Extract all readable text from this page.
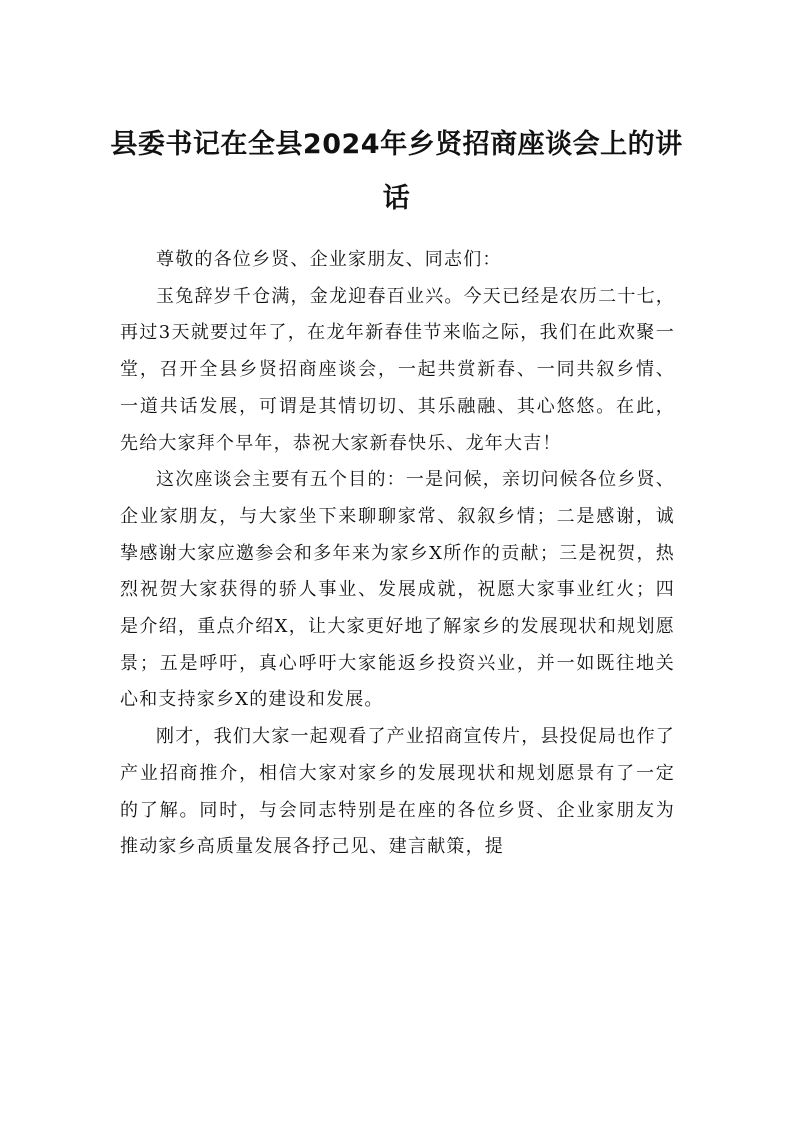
县委书记在全县2024年乡贤招商座谈会上的讲话

尊敬的各位乡贤、企业家朋友、同志们：

玉兔辞岁千仓满，金龙迎春百业兴。今天已经是农历二十七，再过3天就要过年了，在龙年新春佳节来临之际，我们在此欢聚一堂，召开全县乡贤招商座谈会，一起共赏新春、一同共叙乡情、一道共话发展，可谓是其情切切、其乐融融、其心悠悠。在此，先给大家拜个早年，恭祝大家新春快乐、龙年大吉！

这次座谈会主要有五个目的：一是问候，亲切问候各位乡贤、企业家朋友，与大家坐下来聊聊家常、叙叙乡情；二是感谢，诚挚感谢大家应邀参会和多年来为家乡X所作的贡献；三是祝贺，热烈祝贺大家获得的骄人事业、发展成就，祝愿大家事业红火；四是介绍，重点介绍X，让大家更好地了解家乡的发展现状和规划愿景；五是呼吁，真心呼吁大家能返乡投资兴业，并一如既往地关心和支持家乡X的建设和发展。

刚才，我们大家一起观看了产业招商宣传片，县投促局也作了产业招商推介，相信大家对家乡的发展现状和规划愿景有了一定的了解。同时，与会同志特别是在座的各位乡贤、企业家朋友为推动家乡高质量发展各抒己见、建言献策，提
